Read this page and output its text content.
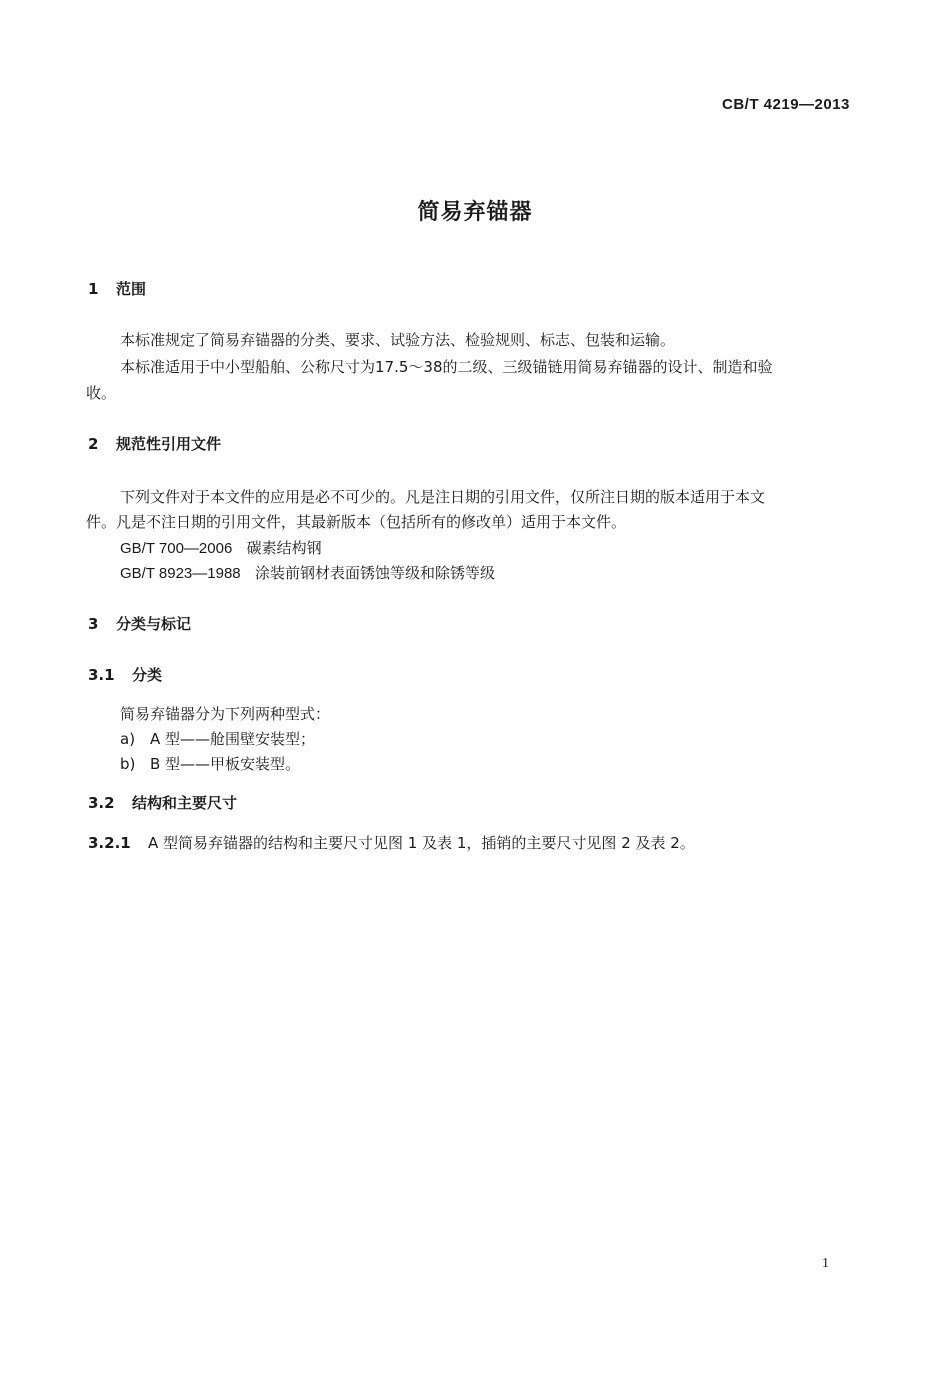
CB/T 4219—2013
简易弃锚器
1 范围
本标准规定了简易弃锚器的分类、要求、试验方法、检验规则、标志、包装和运输。
本标准适用于中小型船舶、公称尺寸为17.5～38的二级、三级锚链用简易弃锚器的设计、制造和验
收。
2 规范性引用文件
下列文件对于本文件的应用是必不可少的。凡是注日期的引用文件，仅所注日期的版本适用于本文
件。凡是不注日期的引用文件，其最新版本（包括所有的修改单）适用于本文件。
GB/T 700—2006 碳素结构钢
GB/T 8923—1988 涂装前钢材表面锈蚀等级和除锈等级
3 分类与标记
3.1 分类
简易弃锚器分为下列两种型式：
a) A 型——舱围壁安装型；
b) B 型——甲板安装型。
3.2 结构和主要尺寸
3.2.1 A 型简易弃锚器的结构和主要尺寸见图 1 及表 1，插销的主要尺寸见图 2 及表 2。
1
